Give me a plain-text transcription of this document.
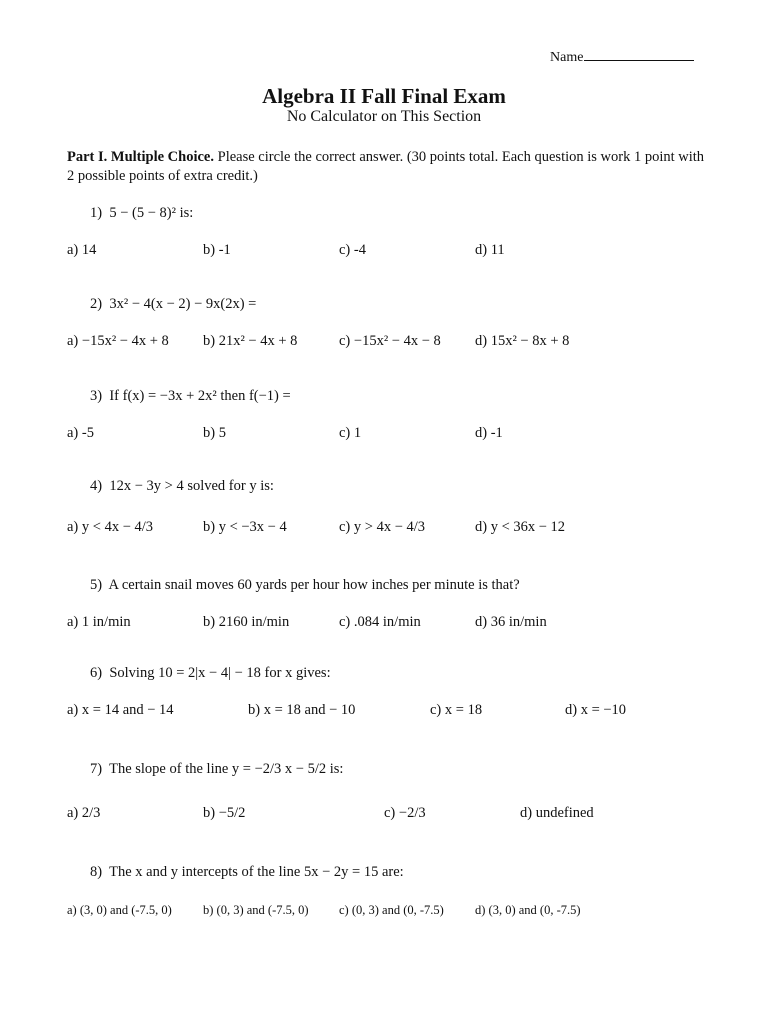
Name
Algebra II Fall Final Exam
No Calculator on This Section
Part I. Multiple Choice. Please circle the correct answer. (30 points total. Each question is work 1 point with 2 possible points of extra credit.)
1) 5 − (5 − 8)² is:
a) 14	b) -1	c) -4	d) 11
2) 3x² − 4(x − 2) − 9x(2x) =
a) −15x² − 4x + 8 b) 21x² − 4x + 8	c) −15x² − 4x − 8 d) 15x² − 8x + 8
3) If f(x) = −3x + 2x² then f(−1) =
a) -5	b) 5	c) 1	d) -1
4) 12x − 3y > 4 solved for y is:
a) y < 4x − 4/3	b) y < −3x − 4	c) y > 4x − 4/3	d) y < 36x − 12
5) A certain snail moves 60 yards per hour how inches per minute is that?
a) 1 in/min	b) 2160 in/min	c) .084 in/min	d) 36 in/min
6) Solving 10 = 2|x − 4| − 18 for x gives:
a) x = 14 and − 14	b) x = 18 and − 10	c) x = 18	d) x = −10
7) The slope of the line y = −2/3 x − 5/2 is:
a) 2/3	b) −5/2	c) −2/3	d) undefined
8) The x and y intercepts of the line 5x − 2y = 15 are:
a) (3, 0) and (-7.5, 0) b) (0, 3) and (-7.5, 0) c) (0, 3) and (0, -7.5) d) (3, 0) and (0, -7.5)
